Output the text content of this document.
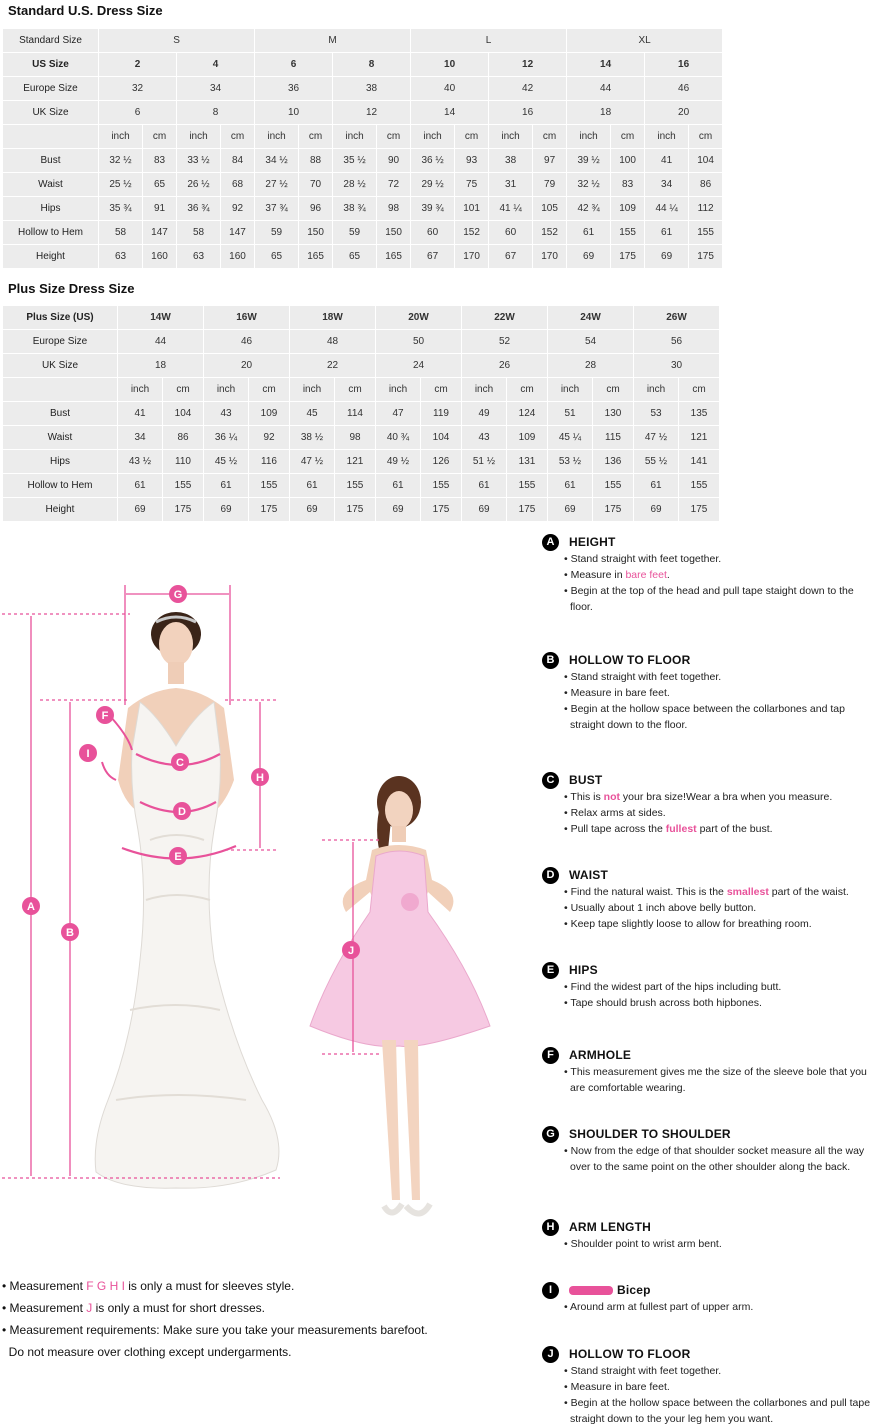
Standard U.S. Dress Size
Standard Size	S				M				L				XL			
US Size	2		4		6		8		10		12		14		16	
Europe Size	32		34		36		38		40		42		44		46	
UK Size	6		8		10		12		14		16		18		20	
	inch	cm	inch	cm	inch	cm	inch	cm	inch	cm	inch	cm	inch	cm	inch	cm
Bust	32 ½	83	33 ½	84	34 ½	88	35 ½	90	36 ½	93	38	97	39 ½	100	41	104
Waist	25 ½	65	26 ½	68	27 ½	70	28 ½	72	29 ½	75	31	79	32 ½	83	34	86
Hips	35 ¾	91	36 ¾	92	37 ¾	96	38 ¾	98	39 ¾	101	41 ¼	105	42 ¾	109	44 ¼	112
Hollow to Hem	58	147	58	147	59	150	59	150	60	152	60	152	61	155	61	155
Height	63	160	63	160	65	165	65	165	67	170	67	170	69	175	69	175
Plus Size Dress Size
Plus Size (US)	14W		16W		18W		20W		22W		24W		26W	
Europe Size	44		46		48		50		52		54		56	
UK Size	18		20		22		24		26		28		30	
	inch	cm	inch	cm	inch	cm	inch	cm	inch	cm	inch	cm	inch	cm
Bust	41	104	43	109	45	114	47	119	49	124	51	130	53	135
Waist	34	86	36 ¼	92	38 ½	98	40 ¾	104	43	109	45 ¼	115	47 ½	121
Hips	43 ½	110	45 ½	116	47 ½	121	49 ½	126	51 ½	131	53 ½	136	55 ½	141
Hollow to Hem	61	155	61	155	61	155	61	155	61	155	61	155	61	155
Height	69	175	69	175	69	175	69	175	69	175	69	175	69	175
A
B
C
D
E
F
G
H
I
J
• Measurement F G H I is only a must for sleeves style.
• Measurement J is only a must for short dresses.
• Measurement requirements: Make sure you take your measurements barefoot.
Do not measure over clothing except undergarments.
A	HEIGHT
• Stand straight with feet together.
• Measure in bare feet.
• Begin at the top of the head and pull tape staight down to the floor.
B	HOLLOW TO FLOOR
• Stand straight with feet together.
• Measure in bare feet.
• Begin at the hollow space between the collarbones and tap straight down to the floor.
C	BUST
• This is not your bra size!Wear a bra when you measure.
• Relax arms at sides.
• Pull tape across the fullest part of the bust.
D	WAIST
• Find the natural waist. This is the smallest part of the waist.
• Usually about 1 inch above belly button.
• Keep tape slightly loose to allow for breathing room.
E	HIPS
• Find the widest part of the hips including butt.
• Tape should brush across both hipbones.
F	ARMHOLE
• This measurement gives me the size of the sleeve bole that you are comfortable wearing.
G	SHOULDER TO SHOULDER
• Now from the edge of that shoulder socket measure all the way over to the same point on the other shoulder along the back.
H	ARM LENGTH
• Shoulder point to wrist arm bent.
I	Bicep
• Around arm at fullest part of upper arm.
J	HOLLOW TO FLOOR
• Stand straight with feet together.
• Measure in bare feet.
• Begin at the hollow space between the collarbones and pull tape straight down to the your leg hem you want.
